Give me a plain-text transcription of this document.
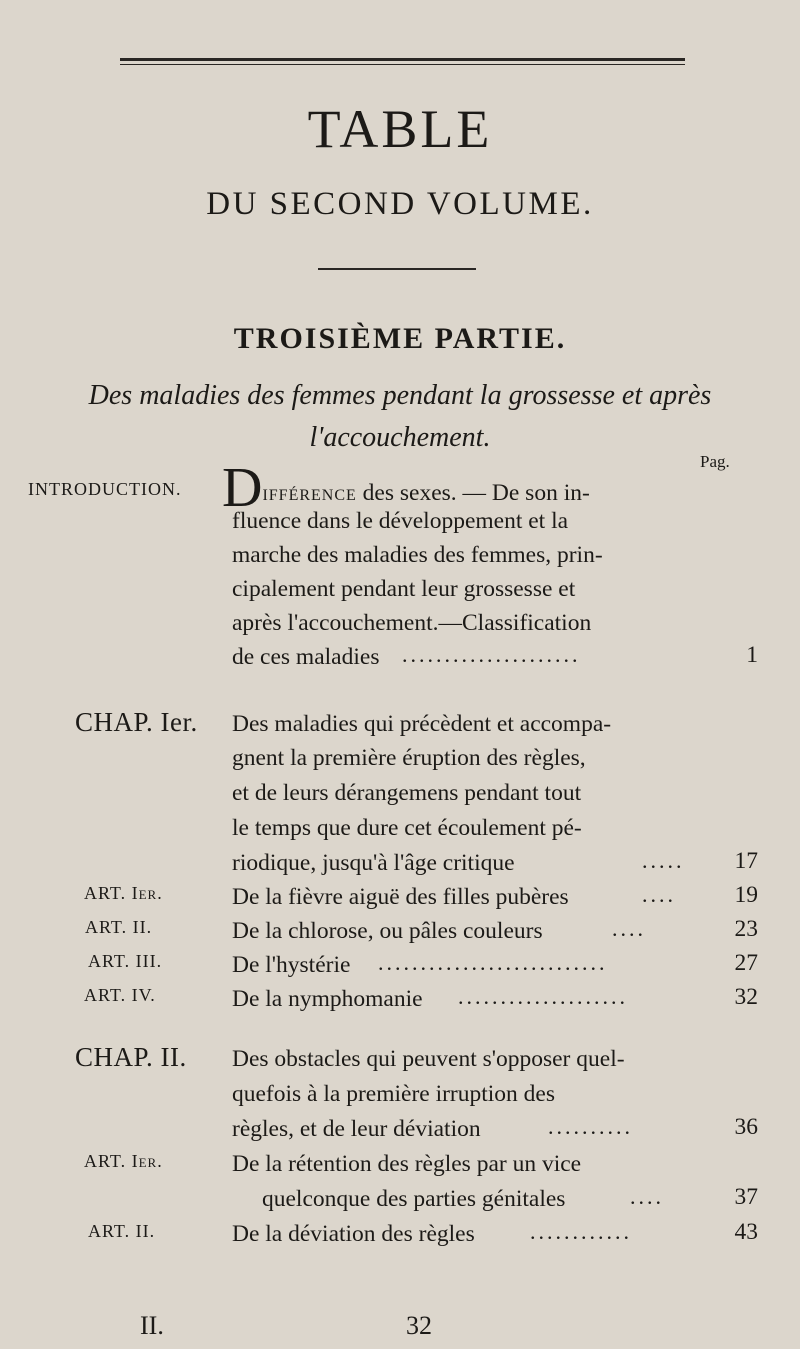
TABLE
DU SECOND VOLUME.
TROISIÈME PARTIE.
Des maladies des femmes pendant la grossesse et après
l'accouchement.
Pag.
INTRODUCTION. Différence des sexes. — De son in-
fluence dans le développement et la
marche des maladies des femmes, prin-
cipalement pendant leur grossesse et
après l'accouchement.—Classification
de ces maladies	.....................	1
CHAP. Ier. Des maladies qui précèdent et accompa-
gnent la première éruption des règles,
et de leurs dérangemens pendant tout
le temps que dure cet écoulement pé-
riodique, jusqu'à l'âge critique	.....	17
ART. Ier.	De la fièvre aiguë des filles pubères	....	19
ART. II.	De la chlorose, ou pâles couleurs	....	23
ART. III.	De l'hystérie	...........................	27
ART. IV.	De la nymphomanie	....................	32
CHAP. II. Des obstacles qui peuvent s'opposer quel-
quefois à la première irruption des
règles, et de leur déviation	..........	36
ART. Ier.	De la rétention des règles par un vice
quelconque des parties génitales	....	37
ART. II.	De la déviation des règles	............	43
II.	32
